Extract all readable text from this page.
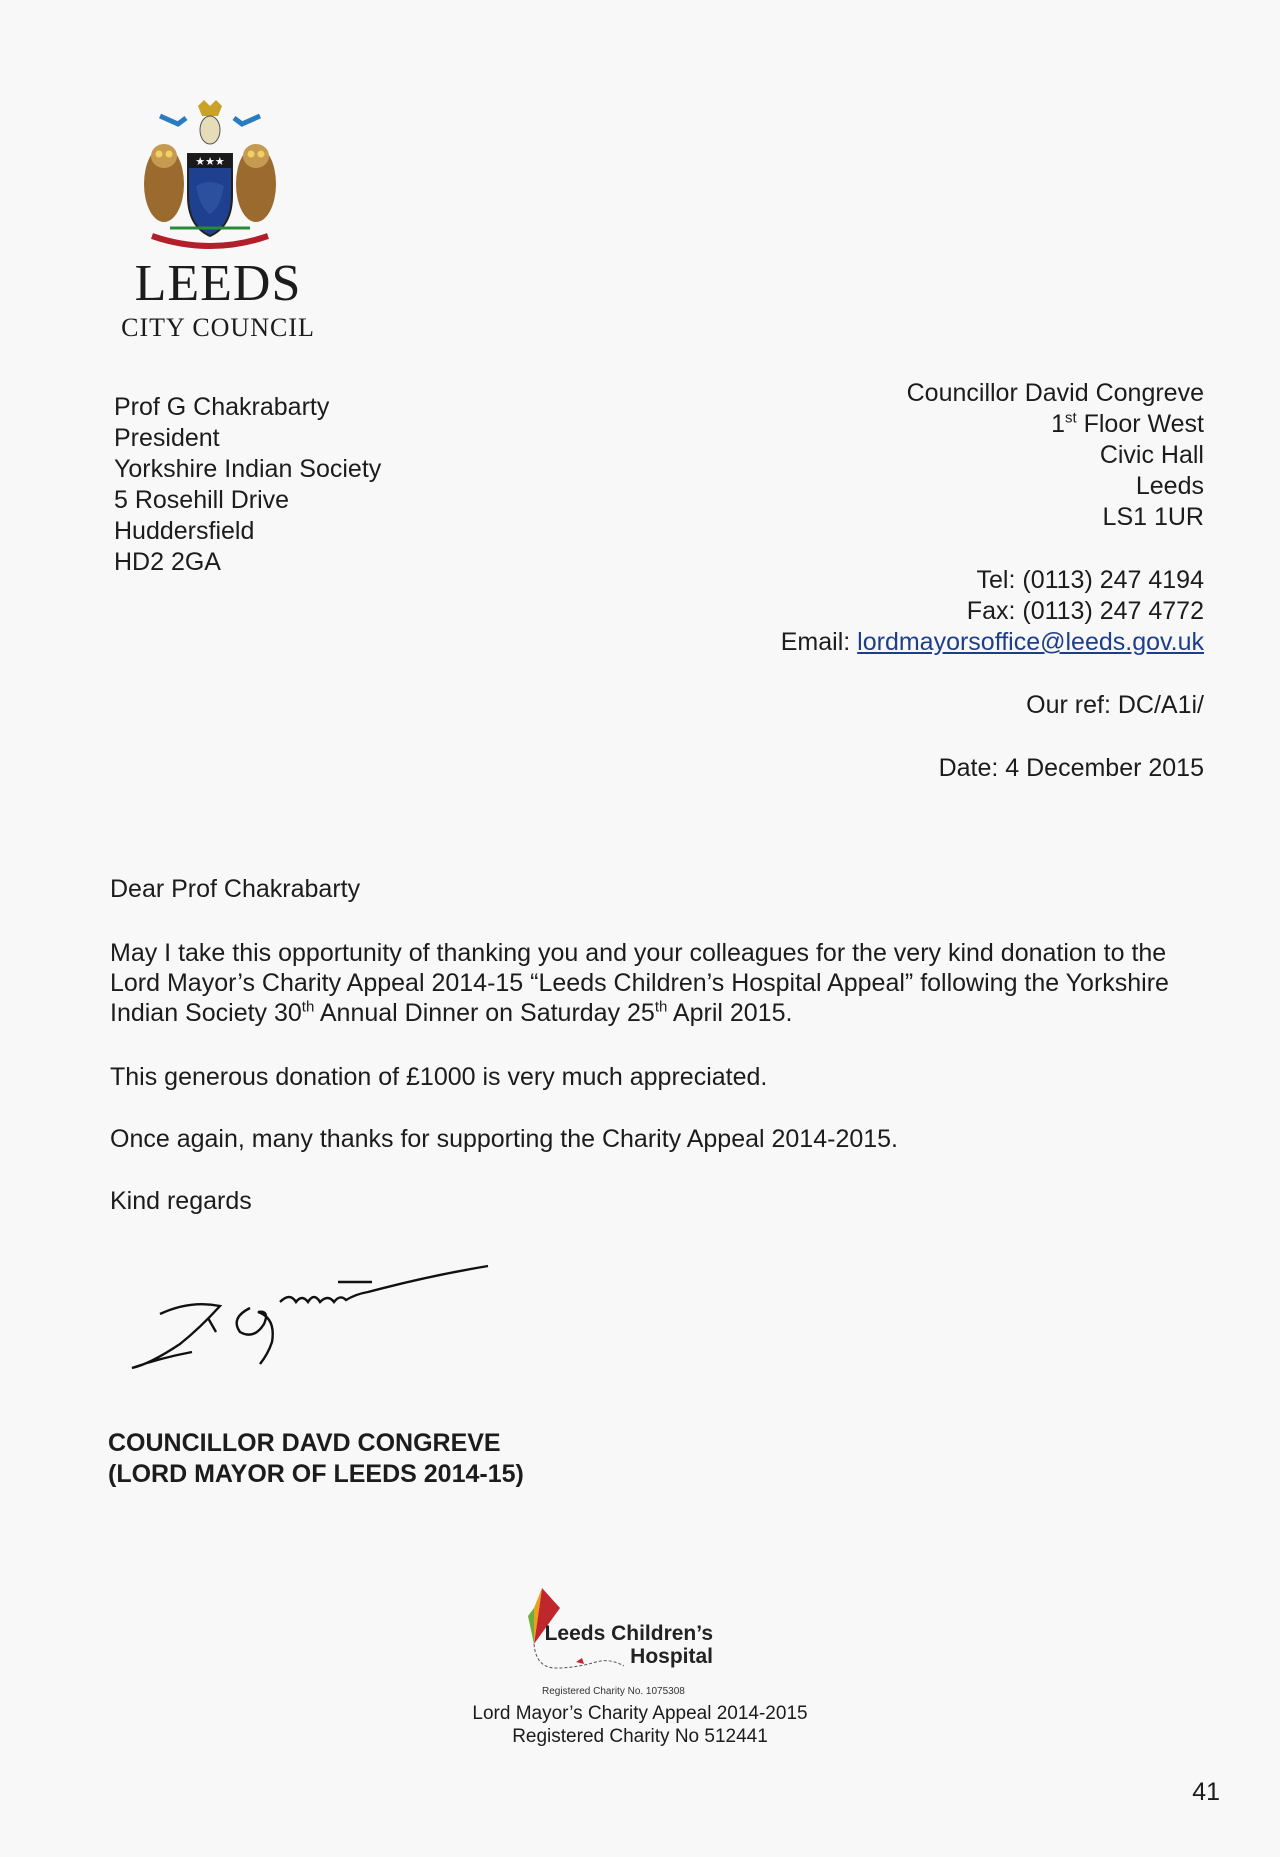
★★★
LEEDS
CITY COUNCIL
Prof G Chakrabarty
President
Yorkshire Indian Society
5 Rosehill Drive
Huddersfield
HD2 2GA
Councillor David Congreve
1st Floor West
Civic Hall
Leeds
LS1 1UR
Tel: (0113) 247 4194
Fax: (0113) 247 4772
Email: lordmayorsoffice@leeds.gov.uk
Our ref: DC/A1i/
Date: 4 December 2015
Dear Prof Chakrabarty
May I take this opportunity of thanking you and your colleagues for the very kind donation to the Lord Mayor’s Charity Appeal 2014-15 “Leeds Children’s Hospital Appeal” following the Yorkshire Indian Society 30th Annual Dinner on Saturday 25th April 2015.
This generous donation of £1000 is very much appreciated.
Once again, many thanks for supporting the Charity Appeal 2014-2015.
Kind regards
COUNCILLOR DAVD CONGREVE
(LORD MAYOR OF LEEDS 2014-15)
Leeds Children’s
Hospital
Registered Charity No. 1075308
Lord Mayor’s Charity Appeal 2014-2015
Registered Charity No 512441
41
